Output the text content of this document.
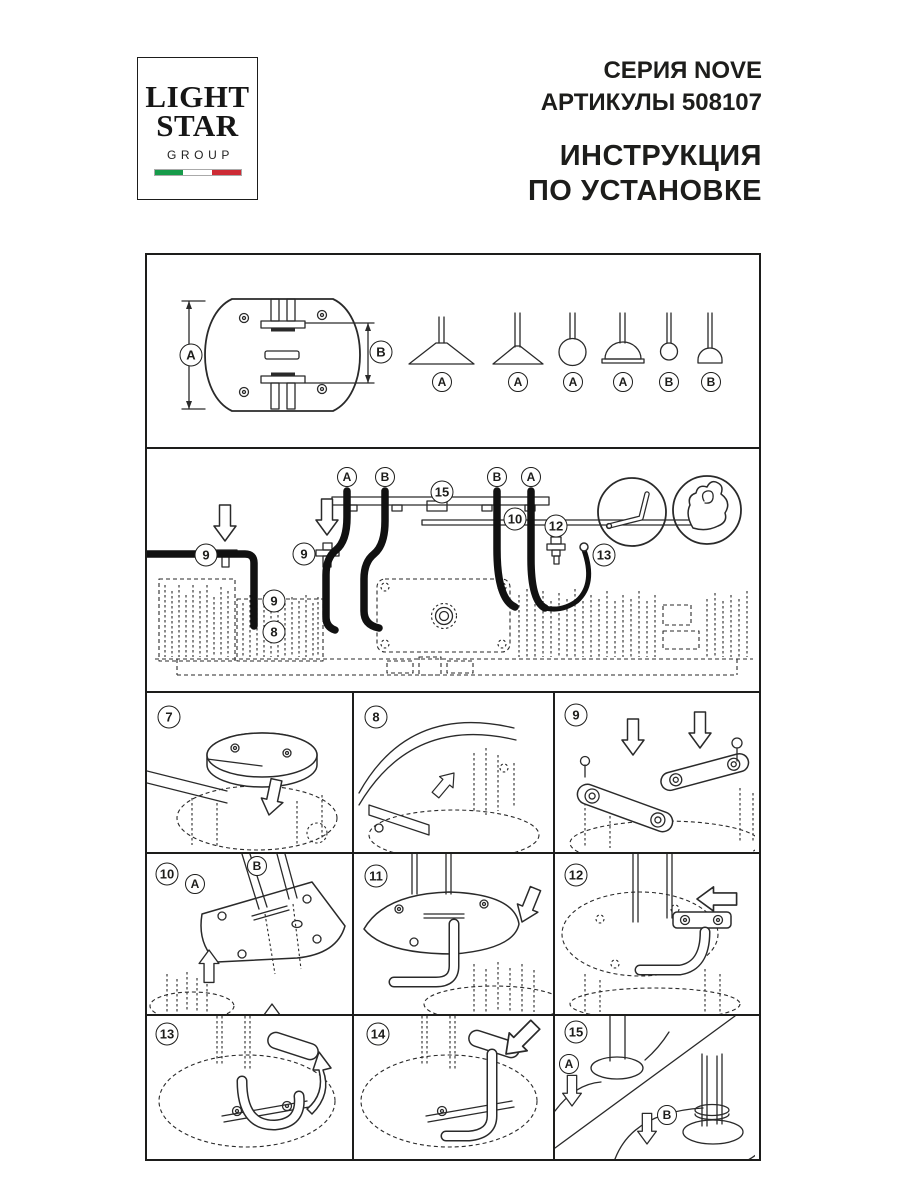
LIGHT
STAR
GROUP
СЕРИЯ NOVE
АРТИКУЛЫ 508107
ИНСТРУКЦИЯ
ПО УСТАНОВКЕ
A	B
A	A	A	A	B	B
A	B
15
B	A
10	12
13
9	9
9
8
7	8	9
10
A
B
11	12
13	14	15
A
B
